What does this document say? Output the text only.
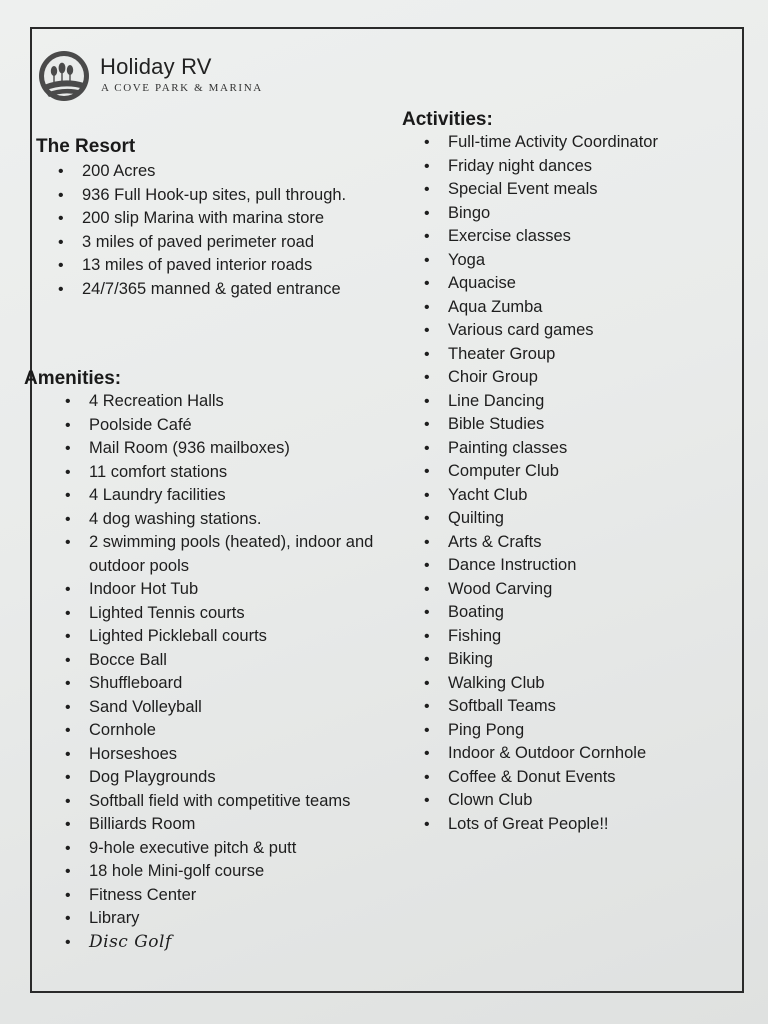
Holiday RV
A COVE PARK & MARINA
The Resort
• 200 Acres
• 936 Full Hook-up sites, pull through.
• 200 slip Marina with marina store
• 3 miles of paved perimeter road
• 13 miles of paved interior roads
• 24/7/365 manned & gated entrance
Amenities:
• 4 Recreation Halls
• Poolside Café
• Mail Room (936 mailboxes)
• 11 comfort stations
• 4 Laundry facilities
• 4 dog washing stations.
• 2 swimming pools (heated), indoor and outdoor pools
• Indoor Hot Tub
• Lighted Tennis courts
• Lighted Pickleball courts
• Bocce Ball
• Shuffleboard
• Sand Volleyball
• Cornhole
• Horseshoes
• Dog Playgrounds
• Softball field with competitive teams
• Billiards Room
• 9-hole executive pitch & putt
• 18 hole Mini-golf course
• Fitness Center
• Library
• Disc Golf
Activities:
• Full-time Activity Coordinator
• Friday night dances
• Special Event meals
• Bingo
• Exercise classes
• Yoga
• Aquacise
• Aqua Zumba
• Various card games
• Theater Group
• Choir Group
• Line Dancing
• Bible Studies
• Painting classes
• Computer Club
• Yacht Club
• Quilting
• Arts & Crafts
• Dance Instruction
• Wood Carving
• Boating
• Fishing
• Biking
• Walking Club
• Softball Teams
• Ping Pong
• Indoor & Outdoor Cornhole
• Coffee & Donut Events
• Clown Club
• Lots of Great People!!
